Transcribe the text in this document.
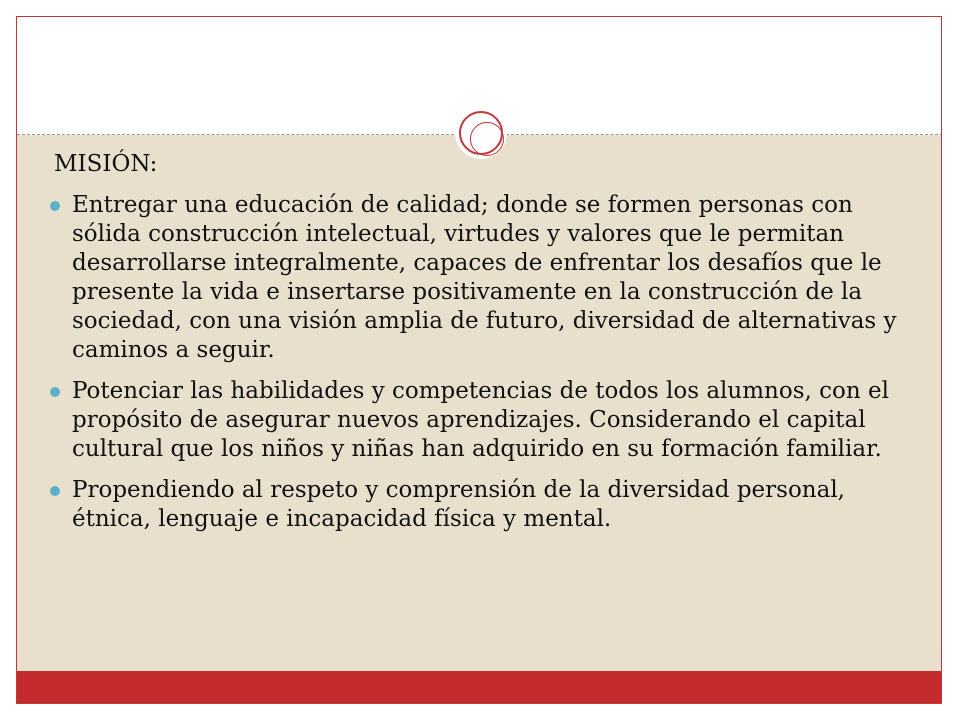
MISIÓN:

Entregar una educación de calidad; donde se formen personas con sólida construcción intelectual, virtudes y valores que le permitan desarrollarse integralmente, capaces de enfrentar los desafíos que le presente la vida e insertarse positivamente en la construcción de la sociedad, con una visión amplia de futuro, diversidad de alternativas y caminos a seguir.
Potenciar las habilidades y competencias de todos los alumnos, con el propósito de asegurar nuevos aprendizajes. Considerando el capital cultural que los niños y niñas han adquirido en su formación familiar.
Propendiendo al respeto y comprensión de la diversidad personal, étnica, lenguaje e incapacidad física y mental.
